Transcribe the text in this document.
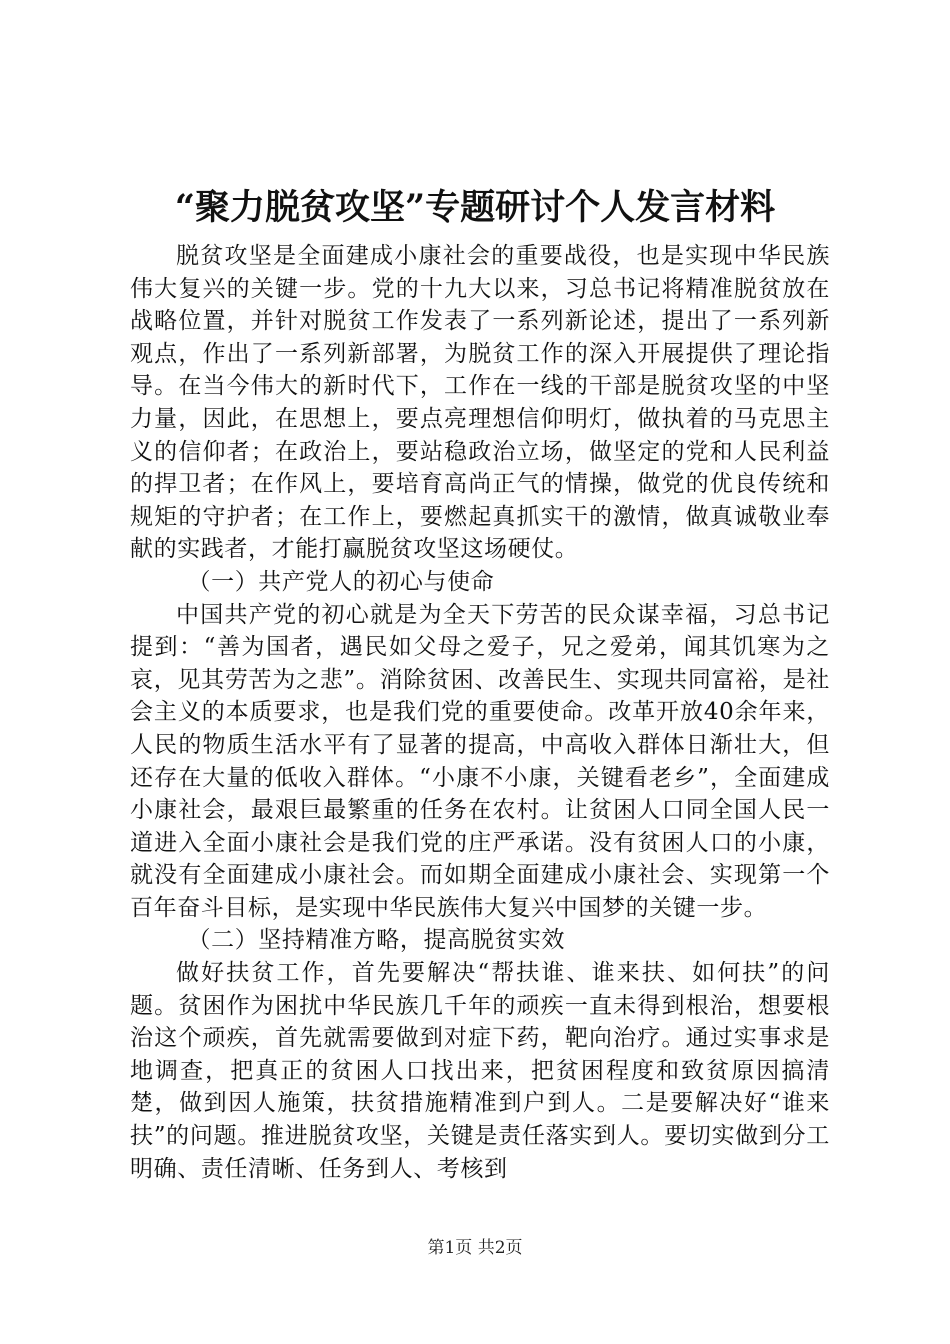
“聚力脱贫攻坚”专题研讨个人发言材料

脱贫攻坚是全面建成小康社会的重要战役，也是实现中华民族伟大复兴的关键一步。党的十九大以来，习总书记将精准脱贫放在战略位置，并针对脱贫工作发表了一系列新论述，提出了一系列新观点，作出了一系列新部署，为脱贫工作的深入开展提供了理论指导。在当今伟大的新时代下，工作在一线的干部是脱贫攻坚的中坚力量，因此，在思想上，要点亮理想信仰明灯，做执着的马克思主义的信仰者；在政治上，要站稳政治立场，做坚定的党和人民利益的捍卫者；在作风上，要培育高尚正气的情操，做党的优良传统和规矩的守护者；在工作上，要燃起真抓实干的激情，做真诚敬业奉献的实践者，才能打赢脱贫攻坚这场硬仗。

（一）共产党人的初心与使命

中国共产党的初心就是为全天下劳苦的民众谋幸福，习总书记提到：“善为国者，遇民如父母之爱子，兄之爱弟，闻其饥寒为之哀，见其劳苦为之悲”。消除贫困、改善民生、实现共同富裕，是社会主义的本质要求，也是我们党的重要使命。改革开放40余年来，人民的物质生活水平有了显著的提高，中高收入群体日渐壮大，但还存在大量的低收入群体。“小康不小康，关键看老乡”，全面建成小康社会，最艰巨最繁重的任务在农村。让贫困人口同全国人民一道进入全面小康社会是我们党的庄严承诺。没有贫困人口的小康，就没有全面建成小康社会。而如期全面建成小康社会、实现第一个百年奋斗目标，是实现中华民族伟大复兴中国梦的关键一步。

（二）坚持精准方略，提高脱贫实效

做好扶贫工作，首先要解决“帮扶谁、谁来扶、如何扶”的问题。贫困作为困扰中华民族几千年的顽疾一直未得到根治，想要根治这个顽疾，首先就需要做到对症下药，靶向治疗。通过实事求是地调查，把真正的贫困人口找出来，把贫困程度和致贫原因搞清楚，做到因人施策，扶贫措施精准到户到人。二是要解决好“谁来扶”的问题。推进脱贫攻坚，关键是责任落实到人。要切实做到分工明确、责任清晰、任务到人、考核到

第1页 共2页
